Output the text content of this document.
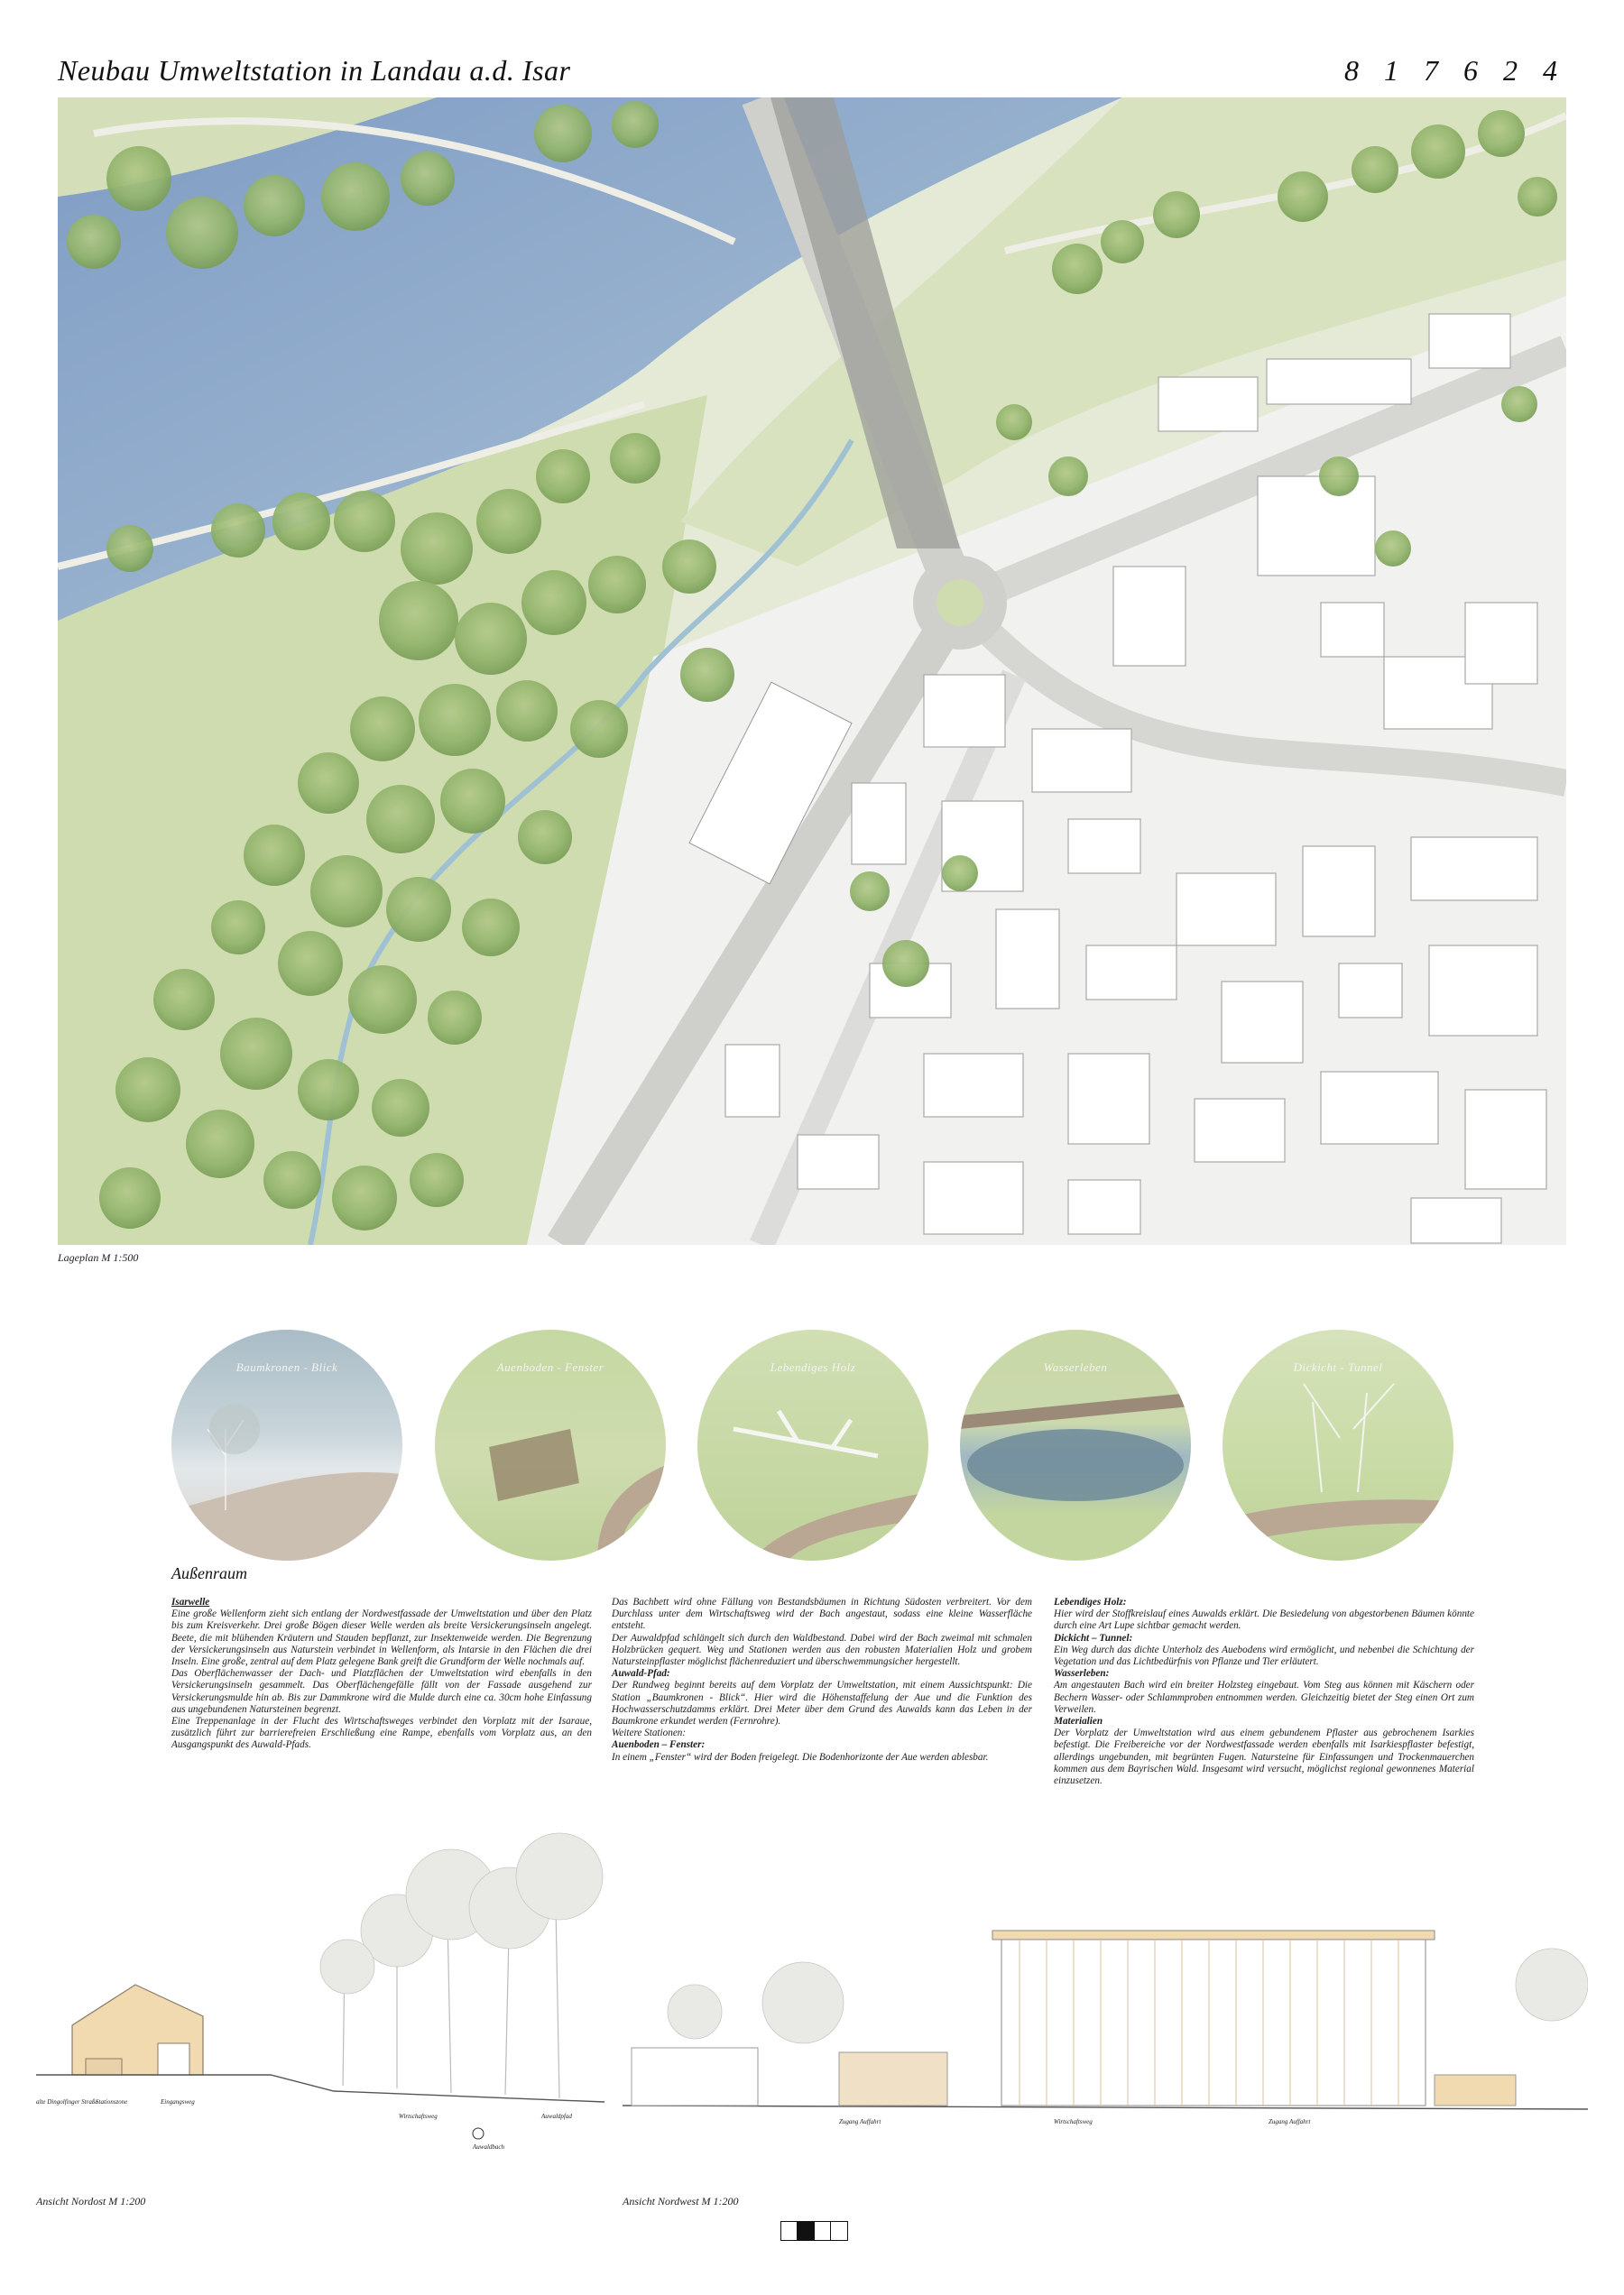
Neubau Umweltstation in Landau a.d. Isar	8 1 7 6 2 4
Lageplan M 1:500
Baumkronen - Blick	Auenboden - Fenster	Lebendiges Holz	Wasserleben	Dickicht - Tunnel
Außenraum

Isarwelle

Eine große Wellenform zieht sich entlang der Nordwestfassade der Umweltstation und über den Platz bis zum Kreisverkehr. Drei große Bögen dieser Welle werden als breite Versickerungsinseln angelegt. Beete, die mit blühenden Kräutern und Stauden bepflanzt, zur Insektenweide werden. Die Begrenzung der Versickerungsinseln aus Naturstein verbindet in Wellenform, als Intarsie in den Flächen die drei Inseln. Eine große, zentral auf dem Platz gelegene Bank greift die Grundform der Welle nochmals auf.

Das Oberflächenwasser der Dach- und Platzflächen der Umweltstation wird ebenfalls in den Versickerungsinseln gesammelt. Das Oberflächengefälle fällt von der Fassade ausgehend zur Versickerungsmulde hin ab. Bis zur Dammkrone wird die Mulde durch eine ca. 30cm hohe Einfassung aus ungebundenen Natursteinen begrenzt.

Eine Treppenanlage in der Flucht des Wirtschaftsweges verbindet den Vorplatz mit der Isaraue, zusätzlich führt zur barrierefreien Erschließung eine Rampe, ebenfalls vom Vorplatz aus, an den Ausgangspunkt des Auwald-Pfads.

Das Bachbett wird ohne Fällung von Bestandsbäumen in Richtung Südosten verbreitert. Vor dem Durchlass unter dem Wirtschaftsweg wird der Bach angestaut, sodass eine kleine Wasserfläche entsteht.

Der Auwaldpfad schlängelt sich durch den Waldbestand. Dabei wird der Bach zweimal mit schmalen Holzbrücken gequert. Weg und Stationen werden aus den robusten Materialien Holz und grobem Natursteinpflaster möglichst flächenreduziert und überschwemmungsicher hergestellt.

Auwald-Pfad:

Der Rundweg beginnt bereits auf dem Vorplatz der Umweltstation, mit einem Aussichtspunkt: Die Station „Baumkronen - Blick“. Hier wird die Höhenstaffelung der Aue und die Funktion des Hochwasserschutzdamms erklärt. Drei Meter über dem Grund des Auwalds kann das Leben in der Baumkrone erkundet werden (Fernrohre).

Weitere Stationen:

Auenboden – Fenster:

In einem „Fenster“ wird der Boden freigelegt. Die Bodenhorizonte der Aue werden ablesbar.

Lebendiges Holz:

Hier wird der Stoffkreislauf eines Auwalds erklärt. Die Besiedelung von abgestorbenen Bäumen könnte durch eine Art Lupe sichtbar gemacht werden.

Dickicht – Tunnel:

Ein Weg durch das dichte Unterholz des Auebodens wird ermöglicht, und nebenbei die Schichtung der Vegetation und das Lichtbedürfnis von Pflanze und Tier erläutert.

Wasserleben:

Am angestauten Bach wird ein breiter Holzsteg eingebaut. Vom Steg aus können mit Käschern oder Bechern Wasser- oder Schlammproben entnommen werden. Gleichzeitig bietet der Steg einen Ort zum Verweilen.

Materialien

Der Vorplatz der Umweltstation wird aus einem gebundenem Pflaster aus gebrochenem Isarkies befestigt. Die Freibereiche vor der Nordwestfassade werden ebenfalls mit Isarkiespflaster befestigt, allerdings ungebunden, mit begrünten Fugen. Natursteine für Einfassungen und Trockenmauerchen kommen aus dem Bayrischen Wald. Insgesamt wird versucht, möglichst regional gewonnenes Material einzusetzen.

alte Dingolfinger Straße
Stationszone	Eingangsweg
Wirtschaftsweg	Auwaldpfad
Auwaldbach
Zugang Auffahrt	Wirtschaftsweg	Zugang Auffahrt
Ansicht Nordost M 1:200	Ansicht Nordwest M 1:200
